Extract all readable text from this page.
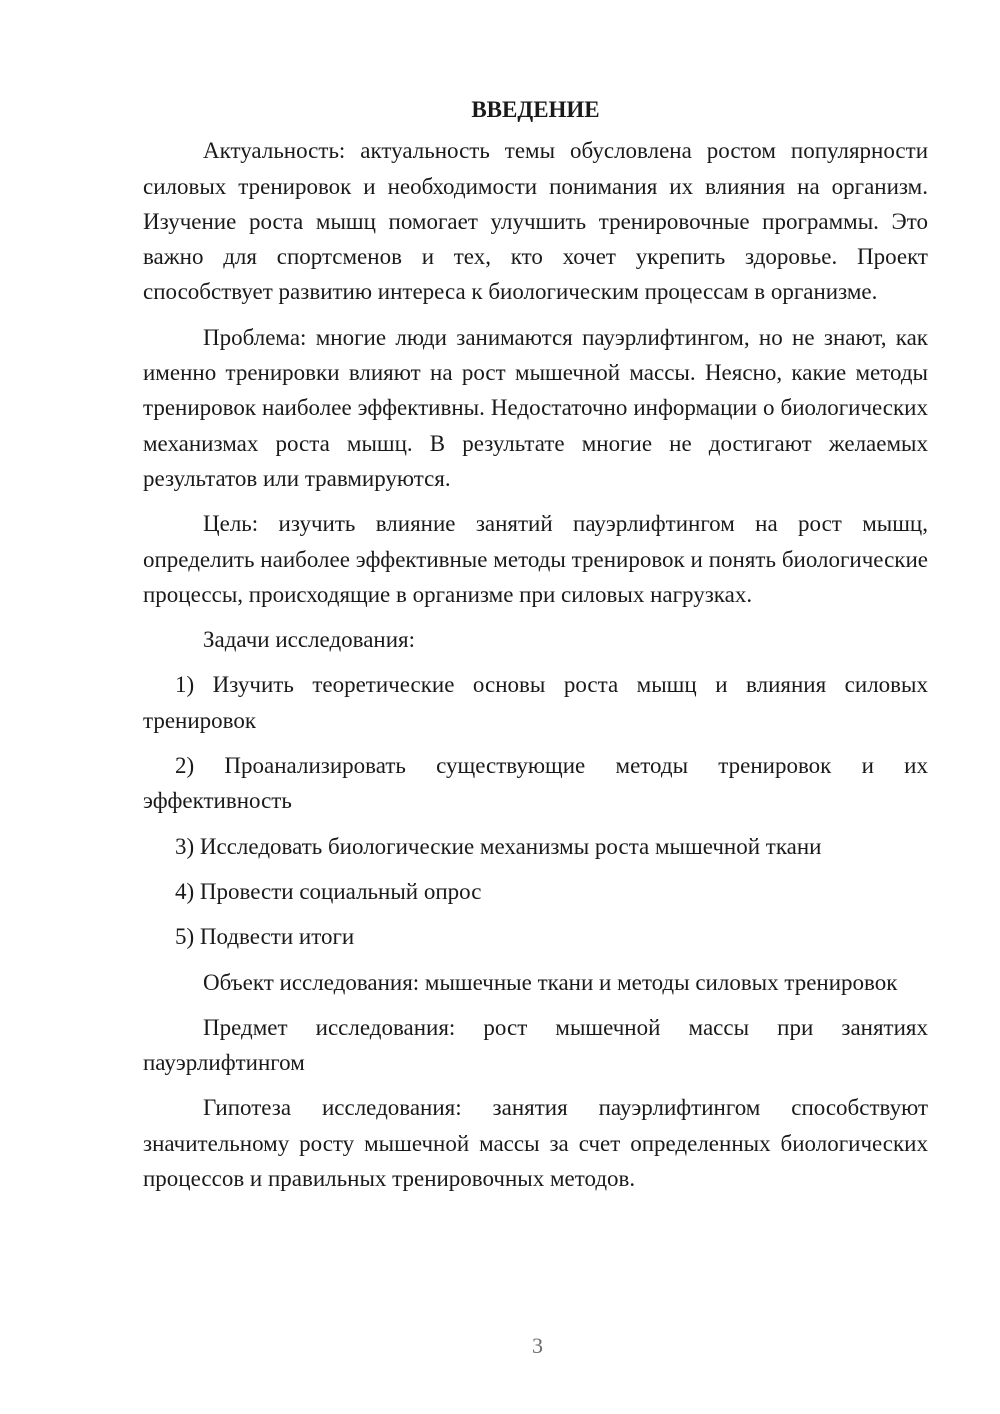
ВВЕДЕНИЕ

Актуальность: актуальность темы обусловлена ростом популярности силовых тренировок и необходимости понимания их влияния на организм. Изучение роста мышц помогает улучшить тренировочные программы. Это важно для спортсменов и тех, кто хочет укрепить здоровье. Проект способствует развитию интереса к биологическим процессам в организме.

Проблема: многие люди занимаются пауэрлифтингом, но не знают, как именно тренировки влияют на рост мышечной массы. Неясно, какие методы тренировок наиболее эффективны. Недостаточно информации о биологических механизмах роста мышц. В результате многие не достигают желаемых результатов или травмируются.

Цель: изучить влияние занятий пауэрлифтингом на рост мышц, определить наиболее эффективные методы тренировок и понять биологические процессы, происходящие в организме при силовых нагрузках.

Задачи исследования:

1) Изучить теоретические основы роста мышц и влияния силовых тренировок

2) Проанализировать существующие методы тренировок и их эффективность

3) Исследовать биологические механизмы роста мышечной ткани

4) Провести социальный опрос

5) Подвести итоги

Объект исследования: мышечные ткани и методы силовых тренировок

Предмет исследования: рост мышечной массы при занятиях пауэрлифтингом

Гипотеза исследования: занятия пауэрлифтингом способствуют значительному росту мышечной массы за счет определенных биологических процессов и правильных тренировочных методов.

3
